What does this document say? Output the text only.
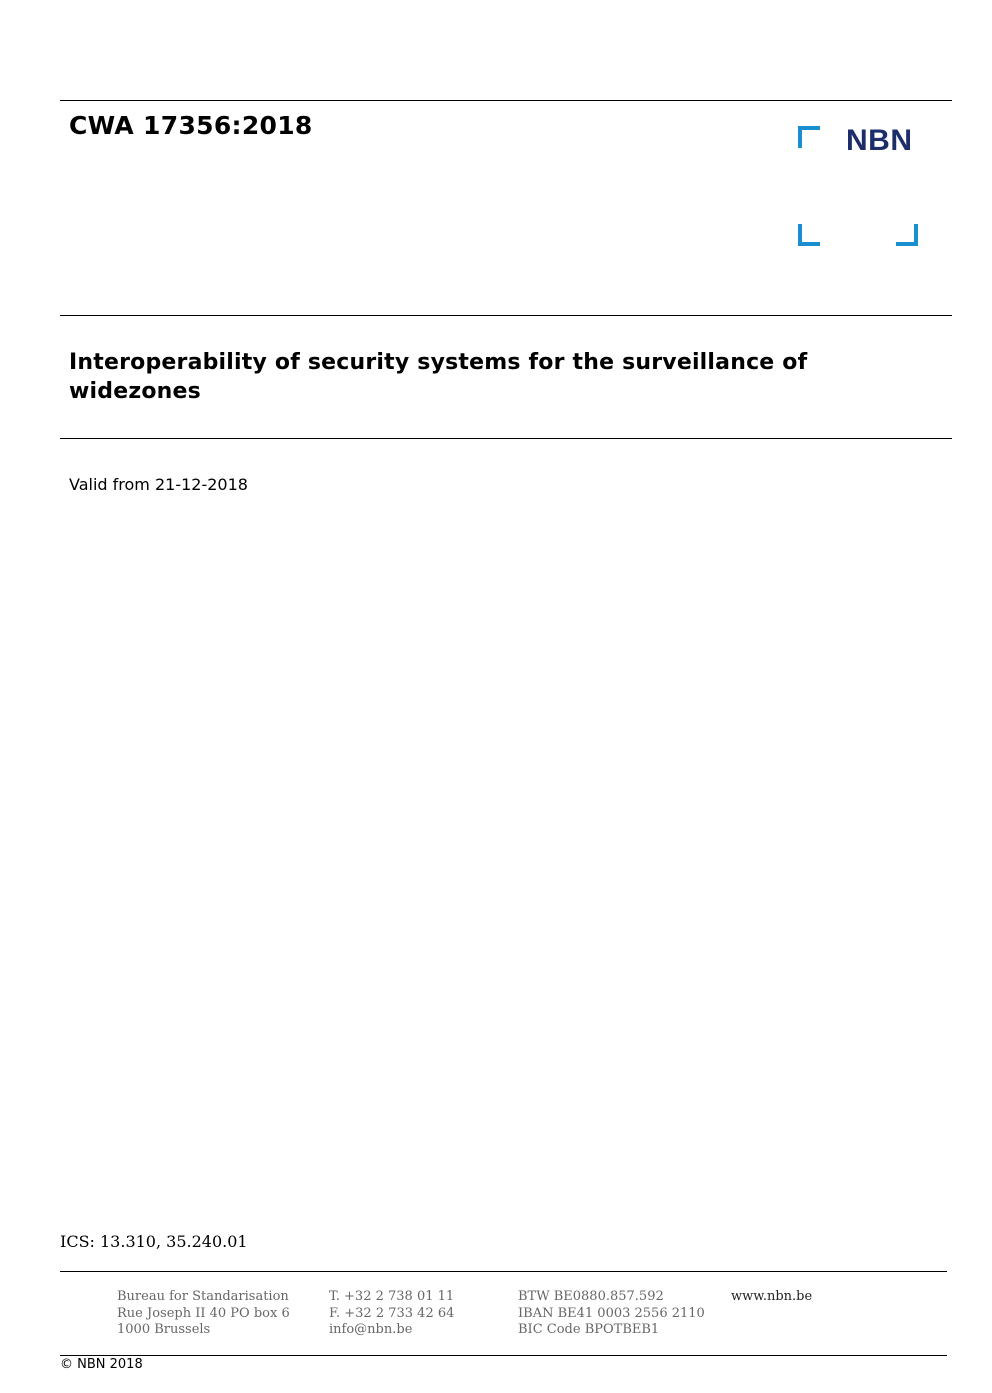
CWA 17356:2018	NBN
Interoperability of security systems for the surveillance of widezones
Valid from 21-12-2018
ICS: 13.310, 35.240.01
Bureau for Standarisation
Rue Joseph II 40 PO box 6
1000 Brussels
T. +32 2 738 01 11
F. +32 2 733 42 64
info@nbn.be
BTW BE0880.857.592
IBAN BE41 0003 2556 2110
BIC Code BPOTBEB1
www.nbn.be
© NBN 2018
